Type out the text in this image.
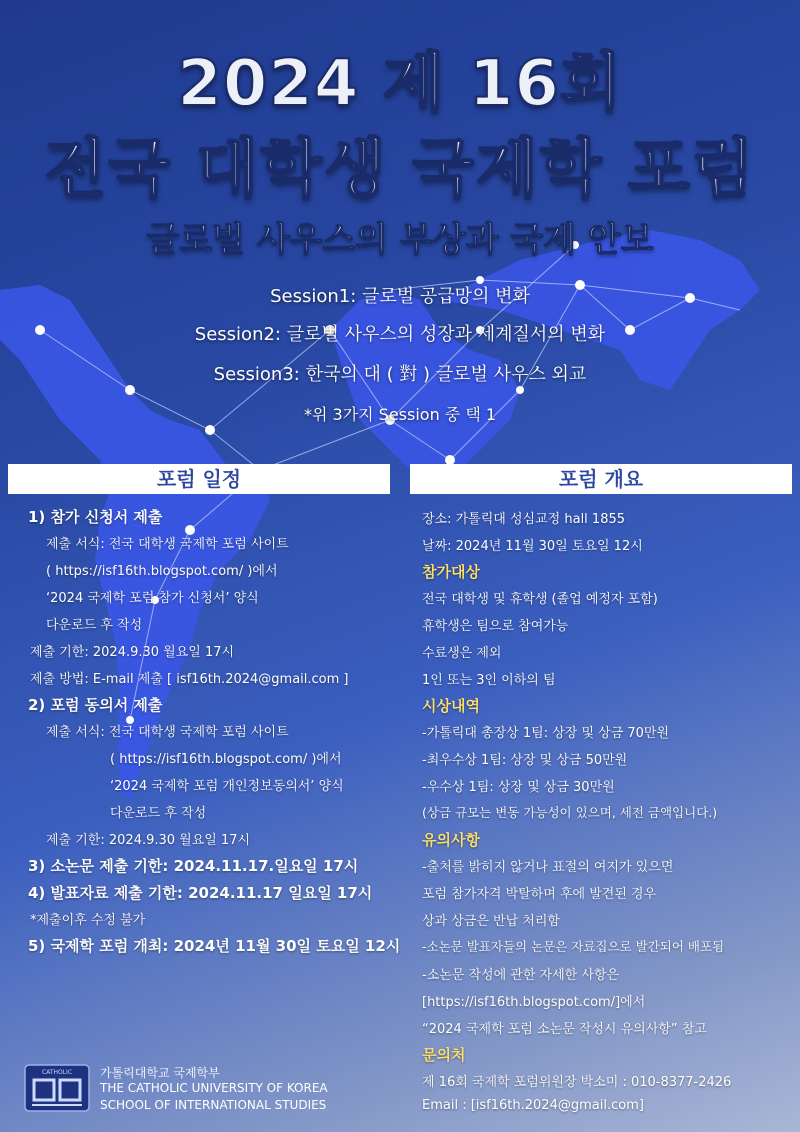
2024 제 16회
전국 대학생 국제학 포럼
글로벌 사우스의 부상과 국제 안보
Session1: 글로벌 공급망의 변화
Session2: 글로벌 사우스의 성장과 세계질서의 변화
Session3: 한국의 대 ( 對 ) 글로벌 사우스 외교
*위 3가지 Session 중 택 1
포럼 일정
1) 참가 신청서 제출
제출 서식: 전국 대학생 국제학 포럼 사이트
( https://isf16th.blogspot.com/ )에서
‘2024 국제학 포럼 참가 신청서’ 양식
다운로드 후 작성
제출 기한: 2024.9.30 월요일 17시
제출 방법: E-mail 제출 [ isf16th.2024@gmail.com ]
2) 포럼 동의서 제출
제출 서식: 전국 대학생 국제학 포럼 사이트
( https://isf16th.blogspot.com/ )에서
‘2024 국제학 포럼 개인정보동의서’ 양식
다운로드 후 작성
제출 기한: 2024.9.30 월요일 17시
3) 소논문 제출 기한: 2024.11.17.일요일 17시
4) 발표자료 제출 기한: 2024.11.17 일요일 17시
*제출이후 수정 불가
5) 국제학 포럼 개최: 2024년 11월 30일 토요일 12시
포럼 개요
장소: 가톨릭대 성심교정 hall 1855
날짜: 2024년 11월 30일 토요일 12시
참가대상
전국 대학생 및 휴학생 (졸업 예정자 포함)
휴학생은 팀으로 참여가능
수료생은 제외
1인 또는 3인 이하의 팀
시상내역
-가톨릭대 총장상 1팀: 상장 및 상금 70만원
-최우수상 1팀: 상장 및 상금 50만원
-우수상 1팀: 상장 및 상금 30만원
(상금 규모는 변동 가능성이 있으며, 세전 금액입니다.)
유의사항
-출처를 밝히지 않거나 표절의 여지가 있으면
포럼 참가자격 박탈하며 후에 발견된 경우
상과 상금은 반납 처리함
-소논문 발표자들의 논문은 자료집으로 발간되어 배포됨
-소논문 작성에 관한 자세한 사항은
[https://isf16th.blogspot.com/]에서
“2024 국제학 포럼 소논문 작성시 유의사항” 참고
문의처
제 16회 국제학 포럼위원장 박소미 : 010-8377-2426
Email : [isf16th.2024@gmail.com]
CATHOLIC 가톨릭대학교 국제학부
THE CATHOLIC UNIVERSITY OF KOREA
SCHOOL OF INTERNATIONAL STUDIES
